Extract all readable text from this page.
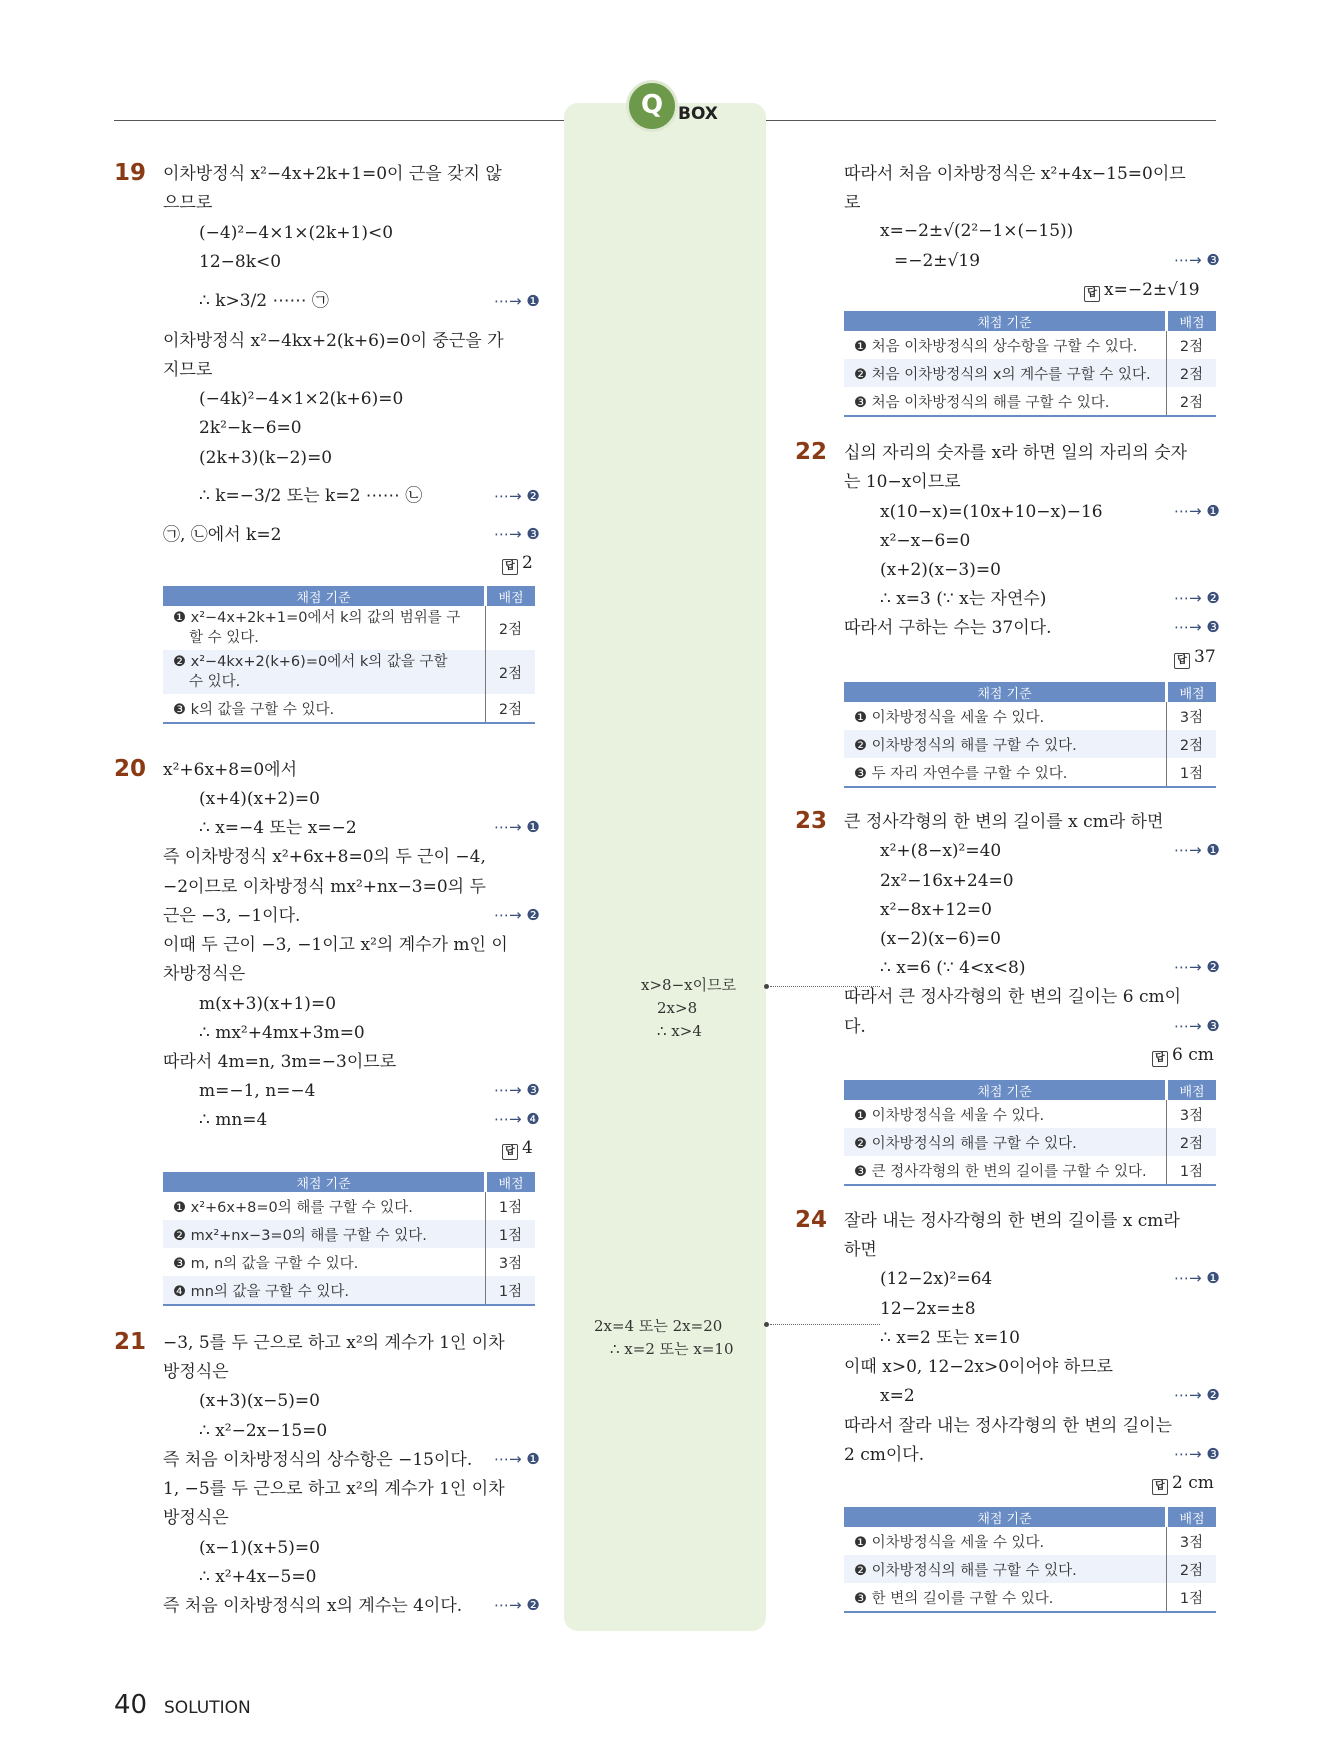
Q BOX
19 이차방정식 x²−4x+2k+1=0이 근을 갖지 않
으므로
(−4)²−4×1×(2k+1)<0
12−8k<0
∴ k>3/2 ⋯⋯ ㉠	⋯→ ❶
이차방정식 x²−4kx+2(k+6)=0이 중근을 가
지므로
(−4k)²−4×1×2(k+6)=0
2k²−k−6=0
(2k+3)(k−2)=0
∴ k=−3/2 또는 k=2 ⋯⋯ ㉡	⋯→ ❷
㉠, ㉡에서 k=2	⋯→ ❸
답 2
채점 기준	배점
❶ x²−4x+2k+1=0에서 k의 값의 범위를 구
할 수 있다.	2점
❷ x²−4kx+2(k+6)=0에서 k의 값을 구할
수 있다.	2점
❸ k의 값을 구할 수 있다.	2점
20 x²+6x+8=0에서
(x+4)(x+2)=0
∴ x=−4 또는 x=−2	⋯→ ❶
즉 이차방정식 x²+6x+8=0의 두 근이 −4,
−2이므로 이차방정식 mx²+nx−3=0의 두
근은 −3, −1이다.	⋯→ ❷
이때 두 근이 −3, −1이고 x²의 계수가 m인 이
차방정식은
m(x+3)(x+1)=0
∴ mx²+4mx+3m=0
따라서 4m=n, 3m=−3이므로
m=−1, n=−4	⋯→ ❸
∴ mn=4	⋯→ ❹
답 4
채점 기준	배점
❶ x²+6x+8=0의 해를 구할 수 있다.	1점
❷ mx²+nx−3=0의 해를 구할 수 있다.	1점
❸ m, n의 값을 구할 수 있다.	3점
❹ mn의 값을 구할 수 있다.	1점
21 −3, 5를 두 근으로 하고 x²의 계수가 1인 이차
방정식은
(x+3)(x−5)=0
∴ x²−2x−15=0
즉 처음 이차방정식의 상수항은 −15이다. ⋯→ ❶
1, −5를 두 근으로 하고 x²의 계수가 1인 이차
방정식은
(x−1)(x+5)=0
∴ x²+4x−5=0
즉 처음 이차방정식의 x의 계수는 4이다. ⋯→ ❷
따라서 처음 이차방정식은 x²+4x−15=0이므
로
x=−2±√(2²−1×(−15))
=−2±√19	⋯→ ❸
답 x=−2±√19
채점 기준	배점
❶ 처음 이차방정식의 상수항을 구할 수 있다.	2점
❷ 처음 이차방정식의 x의 계수를 구할 수 있다.	2점
❸ 처음 이차방정식의 해를 구할 수 있다.	2점
22 십의 자리의 숫자를 x라 하면 일의 자리의 숫자
는 10−x이므로
x(10−x)=(10x+10−x)−16	⋯→ ❶
x²−x−6=0
(x+2)(x−3)=0
∴ x=3 (∵ x는 자연수)	⋯→ ❷
따라서 구하는 수는 37이다.	⋯→ ❸
답 37
채점 기준	배점
❶ 이차방정식을 세울 수 있다.	3점
❷ 이차방정식의 해를 구할 수 있다.	2점
❸ 두 자리 자연수를 구할 수 있다.	1점
23 큰 정사각형의 한 변의 길이를 x cm라 하면
x²+(8−x)²=40	⋯→ ❶
2x²−16x+24=0
x²−8x+12=0
(x−2)(x−6)=0
∴ x=6 (∵ 4<x<8)	⋯→ ❷
따라서 큰 정사각형의 한 변의 길이는 6 cm이
다.	⋯→ ❸
답 6 cm
채점 기준	배점
❶ 이차방정식을 세울 수 있다.	3점
❷ 이차방정식의 해를 구할 수 있다.	2점
❸ 큰 정사각형의 한 변의 길이를 구할 수 있다.	1점
24 잘라 내는 정사각형의 한 변의 길이를 x cm라
하면
(12−2x)²=64	⋯→ ❶
12−2x=±8
∴ x=2 또는 x=10
이때 x>0, 12−2x>0이어야 하므로
x=2	⋯→ ❷
따라서 잘라 내는 정사각형의 한 변의 길이는
2 cm이다.	⋯→ ❸
답 2 cm
채점 기준	배점
❶ 이차방정식을 세울 수 있다.	3점
❷ 이차방정식의 해를 구할 수 있다.	2점
❸ 한 변의 길이를 구할 수 있다.	1점
x>8−x이므로
2x>8
∴ x>4
2x=4 또는 2x=20
∴ x=2 또는 x=10
40 SOLUTION
